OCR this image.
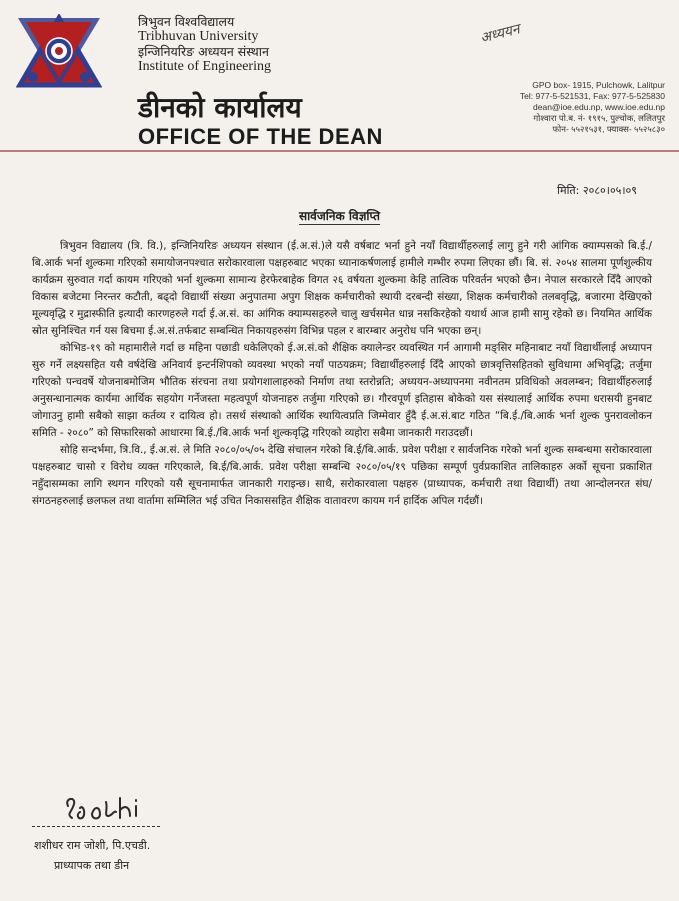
त्रिभुवन विश्वविद्यालय
Tribhuvan University
इन्जिनियरिङ अध्ययन संस्थान
Institute of Engineering
डीनको कार्यालय
OFFICE OF THE DEAN
अध्ययन
GPO box- 1915, Pulchowk, Lalitpur
Tel: 977-5-521531, Fax: 977-5-525830
dean@ioe.edu.np, www.ioe.edu.np
गोश्वारा पो.ब. नं- १९१५, पुल्चोक, ललितपुर
फोन- ५५२१५३१, फ्याक्स- ५५२५८३०
मिति: २०८०।०५।०९
सार्वजनिक विज्ञप्ति

त्रिभुवन विद्यालय (त्रि. वि.), इन्जिनियरिङ अध्ययन संस्थान (ई.अ.सं.)ले यसै वर्षबाट भर्ना हुने नयाँ विद्यार्थीहरुलाई लागु हुने गरी आंगिक क्याम्पसको बि.ई./बि.आर्क भर्ना शुल्कमा गरिएको समायोजनपश्चात सरोकारवाला पक्षहरुबाट भएका ध्यानाकर्षणलाई हामीले गम्भीर रुपमा लिएका छौं। बि. सं. २०५४ सालमा पूर्णशुल्कीय कार्यक्रम सुरुवात गर्दा कायम गरिएको भर्ना शुल्कमा सामान्य हेरफेरबाहेक विगत २६ वर्षयता शुल्कमा केहि तात्विक परिवर्तन भएको छैन। नेपाल सरकारले दिँदै आएको विकास बजेटमा निरन्तर कटौती, बढ्दो विद्यार्थी संख्या अनुपातमा अपुग शिक्षक कर्मचारीको स्थायी दरबन्दी संख्या, शिक्षक कर्मचारीको तलबवृद्धि, बजारमा देखिएको मूल्यवृद्धि र मुद्रास्फीति इत्यादी कारणहरुले गर्दा ई.अ.सं. का आंगिक क्याम्पसहरुले चालु खर्चसमेत धान्न नसकिरहेको यथार्थ आज हामी सामु रहेको छ। नियमित आर्थिक स्रोत सुनिश्चित गर्न यस बिचमा ई.अ.सं.तर्फबाट सम्बन्धित निकायहरुसंग विभिन्न पहल र बारम्बार अनुरोध पनि भएका छन्।

कोभिड-१९ को महामारीले गर्दा छ महिना पछाडी धकेलिएको ई.अ.सं.को शैक्षिक क्यालेन्डर व्यवस्थित गर्न आगामी मङ्सिर महिनाबाट नयाँ विद्यार्थीलाई अध्यापन सुरु गर्ने लक्ष्यसहित यसै वर्षदेखि अनिवार्य इन्टर्नशिपको व्यवस्था भएको नयाँ पाठयक्रम; विद्यार्थीहरुलाई दिँदै आएको छात्रवृत्तिसहितको सुविधामा अभिवृद्धि; तर्जुमा गरिएको पन्चवर्षे योजनाबमोजिम भौतिक संरचना तथा प्रयोगशालाहरुको निर्माण तथा स्तरोन्नति; अध्ययन-अध्यापनमा नवीनतम प्रविधिको अवलम्बन; विद्यार्थीहरुलाई अनुसन्धानात्मक कार्यमा आर्थिक सहयोग गर्नेजस्ता महत्वपूर्ण योजनाहरु तर्जुमा गरिएको छ। गौरवपूर्ण इतिहास बोकेको यस संस्थालाई आर्थिक रुपमा धरासयी हुनबाट जोगाउनु हामी सबैको साझा कर्तव्य र दायित्व हो। तसर्थ संस्थाको आर्थिक स्थायित्वप्रति जिम्मेवार हुँदै ई.अ.सं.बाट गठित “बि.ई./बि.आर्क भर्ना शुल्क पुनरावलोकन समिति - २०८०” को सिफारिसको आधारमा बि.ई./बि.आर्क भर्ना शुल्कवृद्धि गरिएको व्यहोरा सबैमा जानकारी गराउदछौं।

सोहि सन्दर्भमा, त्रि.वि., ई.अ.सं. ले मिति २०८०/०५/०५ देखि संचालन गरेको बि.ई/बि.आर्क. प्रवेश परीक्षा र सार्वजनिक गरेको भर्ना शुल्क सम्बन्धमा सरोकारवाला पक्षहरुबाट चासो र विरोध व्यक्त गरिएकाले, बि.ई/बि.आर्क. प्रवेश परीक्षा सम्बन्धि २०८०/०५/१९ पछिका सम्पूर्ण पुर्वप्रकाशित तालिकाहरु अर्को सूचना प्रकाशित नहुँदासम्मका लागि स्थगन गरिएको यसै सूचनामार्फत जानकारी गराइन्छ। साथै, सरोकारवाला पक्षहरु (प्राध्यापक, कर्मचारी तथा विद्यार्थी) तथा आन्दोलनरत संघ/संगठनहरुलाई छलफल तथा वार्तामा सम्मिलित भई उचित निकाससहित शैक्षिक वातावरण कायम गर्न हार्दिक अपिल गर्दछौं।

शशीधर राम जोशी, पि.एचडी.
प्राध्यापक तथा डीन
